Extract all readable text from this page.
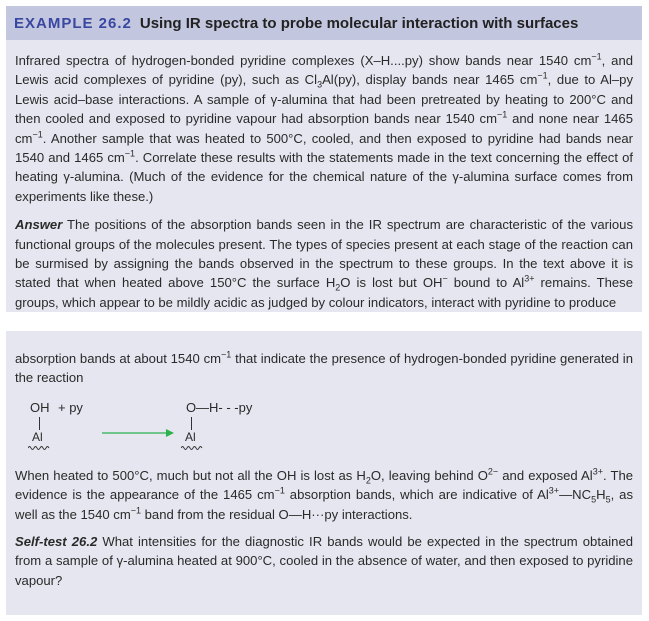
EXAMPLE 26.2 Using IR spectra to probe molecular interaction with surfaces

Infrared spectra of hydrogen-bonded pyridine complexes (X–H....py) show bands near 1540 $cm^{-1}$, and Lewis acid complexes of pyridine (py), such as $Cl_3Al(py)$, display bands near 1465 $cm^{-1}$, due to Al–py Lewis acid–base interactions. A sample of γ-alumina that had been pretreated by heating to 200°C and then cooled and exposed to pyridine vapour had absorption bands near 1540 $cm^{-1}$ and none near 1465 $cm^{-1}$. Another sample that was heated to 500°C, cooled, and then exposed to pyridine had bands near 1540 and 1465 $cm^{-1}$. Correlate these results with the statements made in the text concerning the effect of heating γ-alumina. (Much of the evidence for the chemical nature of the γ-alumina surface comes from experiments like these.)

Answer The positions of the absorption bands seen in the IR spectrum are characteristic of the various functional groups of the molecules present. The types of species present at each stage of the reaction can be surmised by assigning the bands observed in the spectrum to these groups. In the text above it is stated that when heated above 150°C the surface $H_2O$ is lost but OH− bound to $Al^{3+}$ remains. These groups, which appear to be mildly acidic as judged by colour indicators, interact with pyridine to produce

absorption bands at about 1540 $cm^{-1}$ that indicate the presence of hydrogen-bonded pyridine generated in the reaction

OH + py
Al
O —H- - -py
Al

When heated to 500°C, much but not all the OH is lost as $H_2O$, leaving behind $O^{2-}$ and exposed $Al^{3+}$. The evidence is the appearance of the 1465 $cm^{-1}$ absorption bands, which are indicative of $Al^{3+}—NC_5H_5$, as well as the 1540 $cm^{-1}$ band from the residual O—H···py interactions.

Self-test 26.2 What intensities for the diagnostic IR bands would be expected in the spectrum obtained from a sample of γ-alumina heated at 900°C, cooled in the absence of water, and then exposed to pyridine vapour?
